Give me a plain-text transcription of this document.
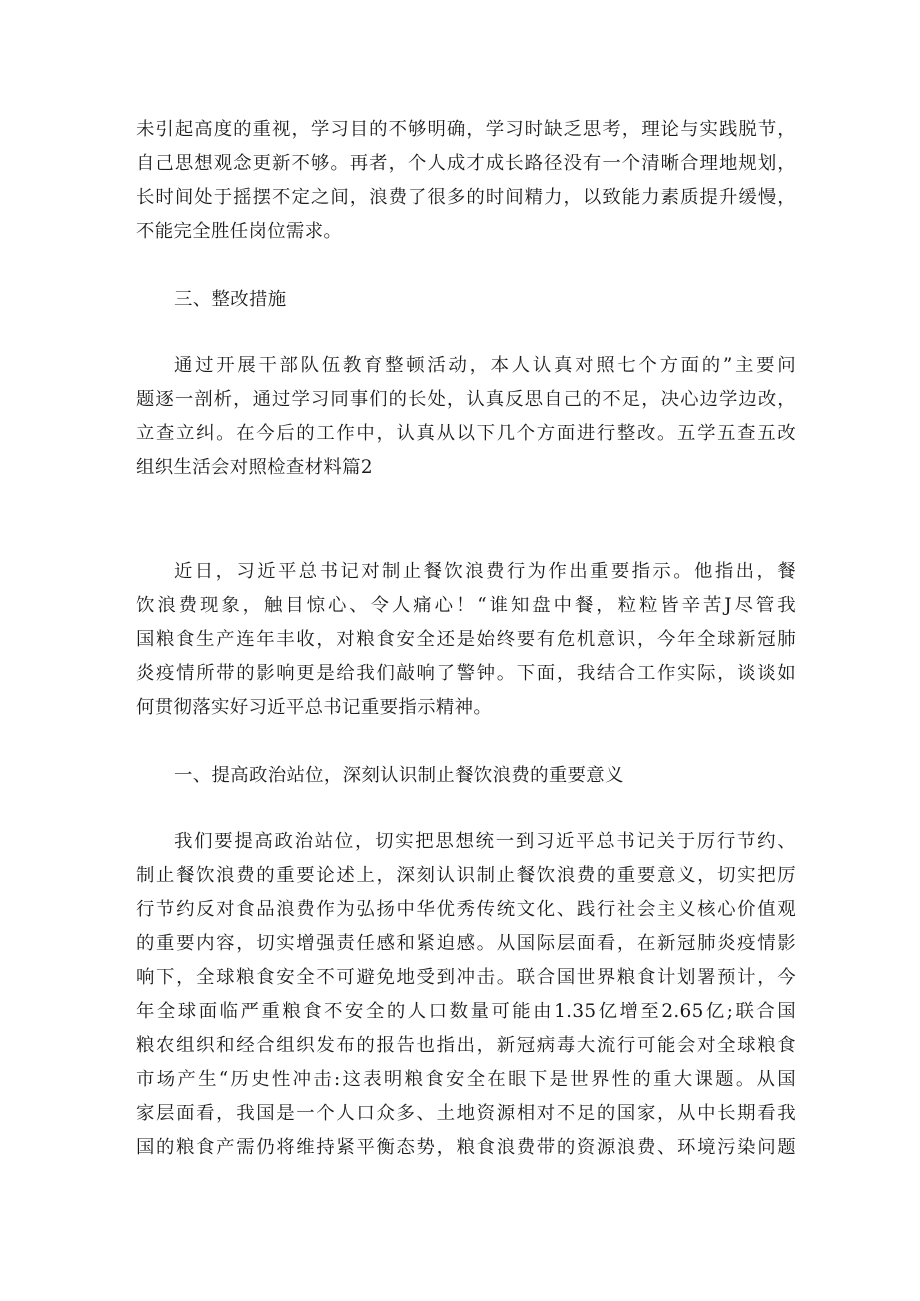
未引起高度的重视，学习目的不够明确，学习时缺乏思考，理论与实践脱节，
自己思想观念更新不够。再者，个人成才成长路径没有一个清晰合理地规划，
长时间处于摇摆不定之间，浪费了很多的时间精力，以致能力素质提升缓慢，
不能完全胜任岗位需求。
三、整改措施
通过开展干部队伍教育整顿活动，本人认真对照七个方面的”主要问
题逐一剖析，通过学习同事们的长处，认真反思自己的不足，决心边学边改，
立查立纠。在今后的工作中，认真从以下几个方面进行整改。五学五查五改
组织生活会对照检查材料篇2
近日，习近平总书记对制止餐饮浪费行为作出重要指示。他指出，餐
饮浪费现象，触目惊心、令人痛心！“谁知盘中餐，粒粒皆辛苦J尽管我
国粮食生产连年丰收，对粮食安全还是始终要有危机意识，今年全球新冠肺
炎疫情所带的影响更是给我们敲响了警钟。下面，我结合工作实际，谈谈如
何贯彻落实好习近平总书记重要指示精神。
一、提高政治站位，深刻认识制止餐饮浪费的重要意义
我们要提高政治站位，切实把思想统一到习近平总书记关于厉行节约、
制止餐饮浪费的重要论述上，深刻认识制止餐饮浪费的重要意义，切实把厉
行节约反对食品浪费作为弘扬中华优秀传统文化、践行社会主义核心价值观
的重要内容，切实增强责任感和紧迫感。从国际层面看，在新冠肺炎疫情影
响下，全球粮食安全不可避免地受到冲击。联合国世界粮食计划署预计，今
年全球面临严重粮食不安全的人口数量可能由1.35亿增至2.65亿;联合国
粮农组织和经合组织发布的报告也指出，新冠病毒大流行可能会对全球粮食
市场产生“历史性冲击:这表明粮食安全在眼下是世界性的重大课题。从国
家层面看，我国是一个人口众多、土地资源相对不足的国家，从中长期看我
国的粮食产需仍将维持紧平衡态势，粮食浪费带的资源浪费、环境污染问题
